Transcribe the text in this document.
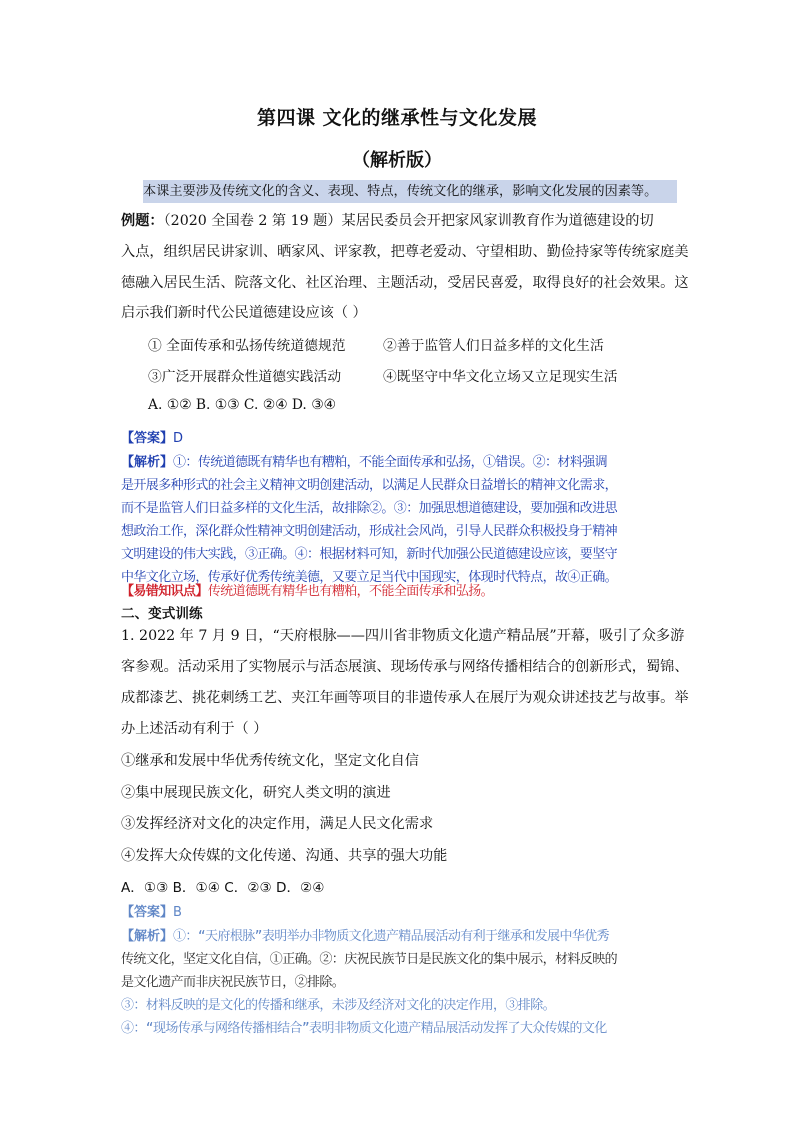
第四课 文化的继承性与文化发展
（解析版）
本课主要涉及传统文化的含义、表现、特点，传统文化的继承，影响文化发展的因素等。
例题：（2020 全国卷 2 第 19 题）某居民委员会开把家风家训教育作为道德建设的切
入点，组织居民讲家训、晒家风、评家教，把尊老爱动、守望相助、勤俭持家等传统家庭美
德融入居民生活、院落文化、社区治理、主题活动，受居民喜爱，取得良好的社会效果。这
启示我们新时代公民道德建设应该（ ）
① 全面传承和弘扬传统道德规范	②善于监管人们日益多样的文化生活
③广泛开展群众性道德实践活动	④既坚守中华文化立场又立足现实生活
A. ①② B. ①③ C. ②④ D. ③④
【答案】D
【解析】①：传统道德既有精华也有糟粕，不能全面传承和弘扬，①错误。②：材料强调
是开展多种形式的社会主义精神文明创建活动，以满足人民群众日益增长的精神文化需求，
而不是监管人们日益多样的文化生活，故排除②。③：加强思想道德建设，要加强和改进思
想政治工作，深化群众性精神文明创建活动，形成社会风尚，引导人民群众积极投身于精神
文明建设的伟大实践，③正确。④：根据材料可知，新时代加强公民道德建设应该，要坚守
中华文化立场，传承好优秀传统美德，又要立足当代中国现实，体现时代特点，故④正确。
【易错知识点】传统道德既有精华也有糟粕，不能全面传承和弘扬。
二、变式训练
1. 2022 年 7 月 9 日，“天府根脉——四川省非物质文化遗产精品展”开幕，吸引了众多游
客参观。活动采用了实物展示与活态展演、现场传承与网络传播相结合的创新形式，蜀锦、
成都漆艺、挑花刺绣工艺、夹江年画等项目的非遗传承人在展厅为观众讲述技艺与故事。举
办上述活动有利于（ ）
①继承和发展中华优秀传统文化，坚定文化自信
②集中展现民族文化，研究人类文明的演进
③发挥经济对文化的决定作用，满足人民文化需求
④发挥大众传媒的文化传递、沟通、共享的强大功能
A．①③ B．①④ C．②③ D．②④
【答案】B
【解析】①：“天府根脉”表明举办非物质文化遗产精品展活动有利于继承和发展中华优秀
传统文化，坚定文化自信，①正确。②：庆祝民族节日是民族文化的集中展示，材料反映的
是文化遗产而非庆祝民族节日，②排除。
③：材料反映的是文化的传播和继承，未涉及经济对文化的决定作用，③排除。
④：“现场传承与网络传播相结合”表明非物质文化遗产精品展活动发挥了大众传媒的文化
